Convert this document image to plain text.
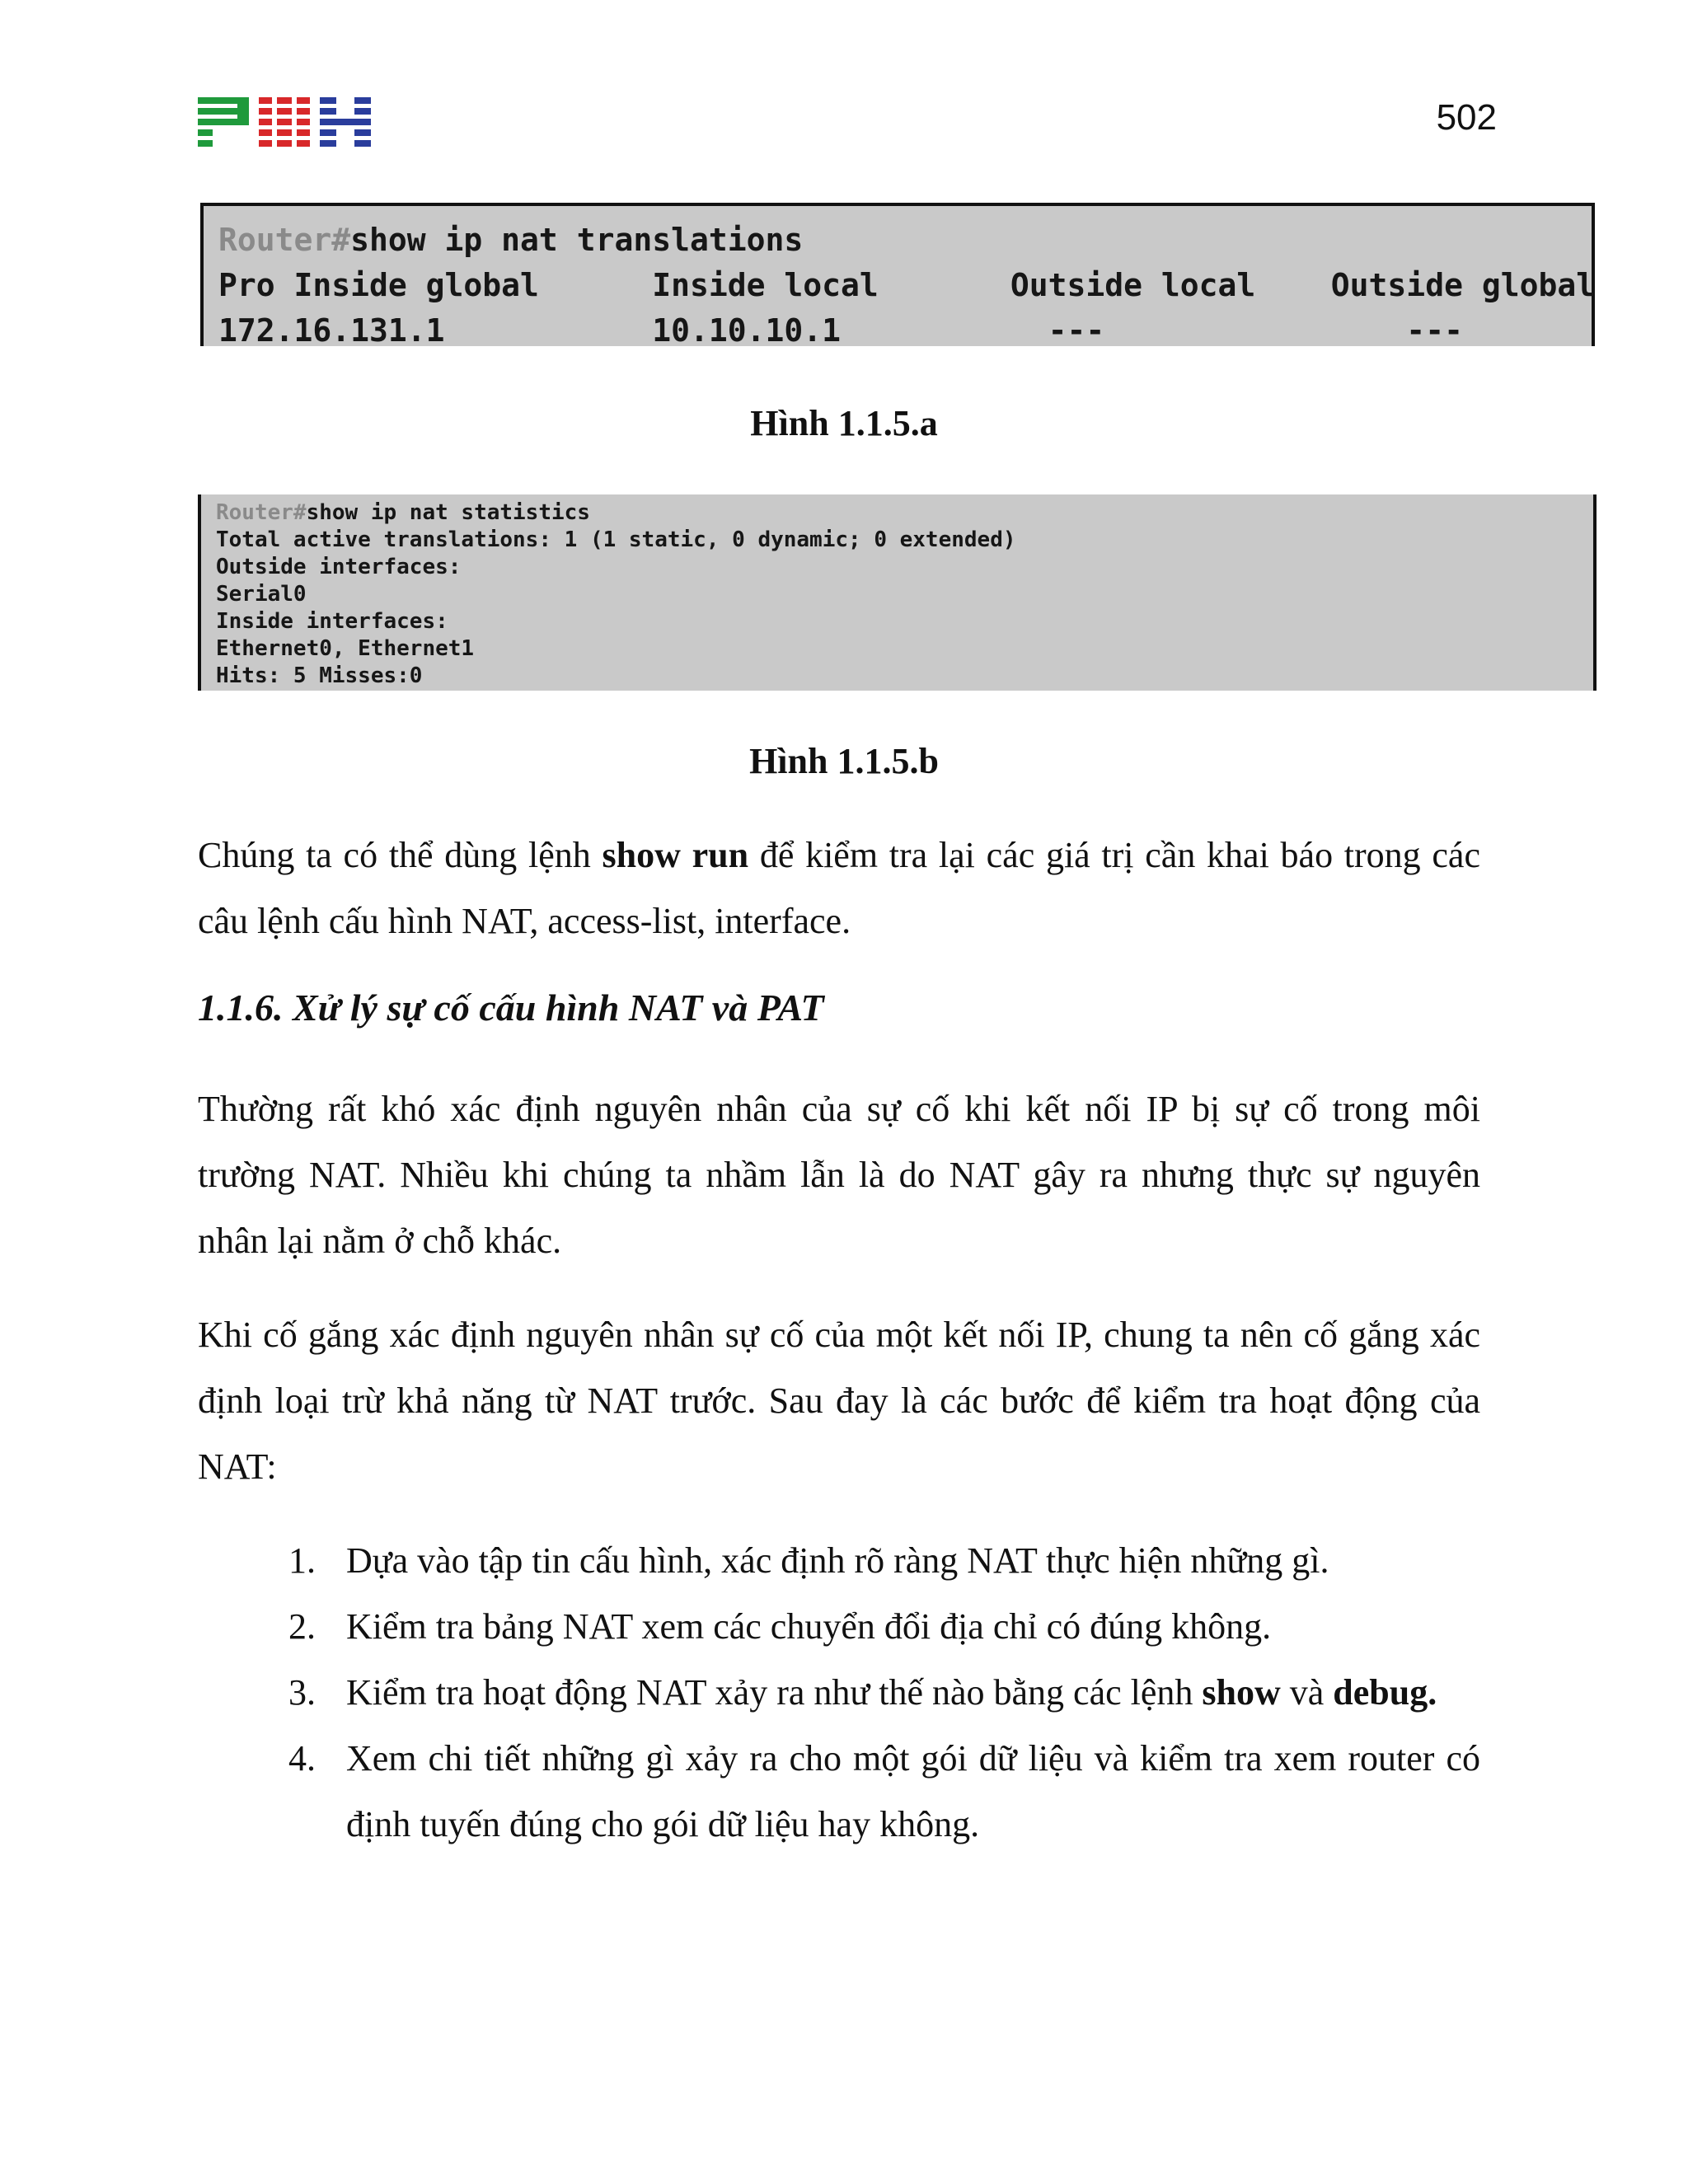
502
Router#show ip nat translations
Pro Inside global      Inside local       Outside local    Outside global
172.16.131.1           10.10.10.1           ---                ---
Hình 1.1.5.a
Router#show ip nat statistics
Total active translations: 1 (1 static, 0 dynamic; 0 extended)
Outside interfaces:
Serial0
Inside interfaces:
Ethernet0, Ethernet1
Hits: 5 Misses:0
Hình 1.1.5.b

Chúng ta có thể dùng lệnh show run để kiểm tra lại các giá trị cần khai báo trong các câu lệnh cấu hình NAT, access-list, interface.

1.1.6. Xử lý sự cố cấu hình NAT và PAT

Thường rất khó xác định nguyên nhân của sự cố khi kết nối IP bị sự cố trong môi trường NAT. Nhiều khi chúng ta nhầm lẫn là do NAT gây ra nhưng thực sự nguyên nhân lại nằm ở chỗ khác.

Khi cố gắng xác định nguyên nhân sự cố của một kết nối IP, chung ta nên cố gắng xác định loại trừ khả năng từ NAT trước. Sau đay là các bước để kiểm tra hoạt động của NAT:

1. Dựa vào tập tin cấu hình, xác định rõ ràng NAT thực hiện những gì.
2. Kiểm tra bảng NAT xem các chuyển đổi địa chỉ có đúng không.
3. Kiểm tra hoạt động NAT xảy ra như thế nào bằng các lệnh show và debug.
4. Xem chi tiết những gì xảy ra cho một gói dữ liệu và kiểm tra xem router có định tuyến đúng cho gói dữ liệu hay không.
